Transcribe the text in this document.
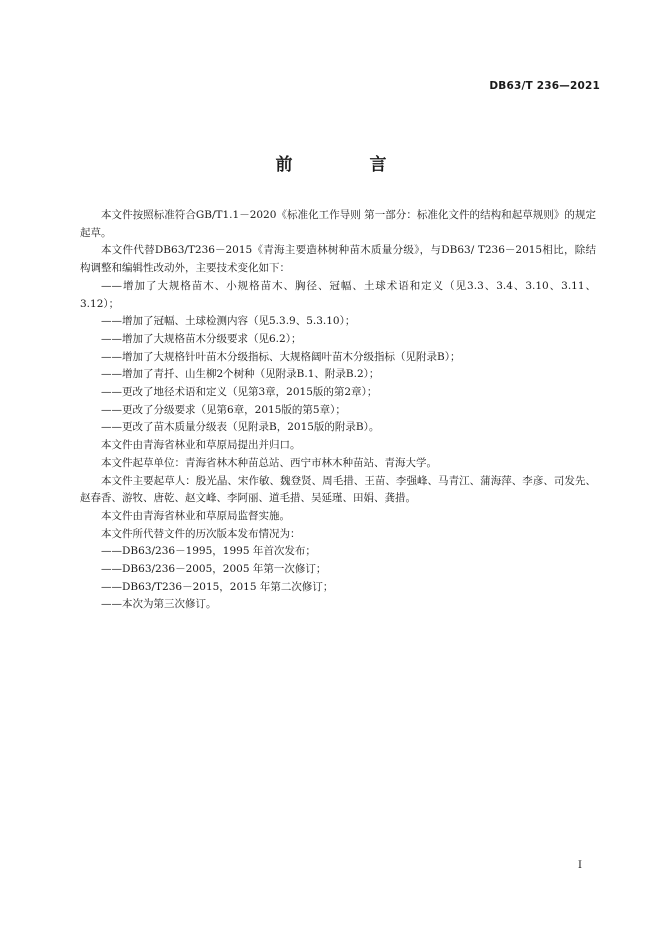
DB63/T 236—2021
前　言

本文件按照标准符合GB/T1.1－2020《标准化工作导则 第一部分：标准化文件的结构和起草规则》的规定起草。

本文件代替DB63/T236－2015《青海主要造林树种苗木质量分级》，与DB63/ T236－2015相比，除结构调整和编辑性改动外，主要技术变化如下：

——增加了大规格苗木、小规格苗木、胸径、冠幅、土球术语和定义（见3.3、3.4、3.10、3.11、3.12）；

——增加了冠幅、土球检测内容（见5.3.9、5.3.10）；

——增加了大规格苗木分级要求（见6.2）；

——增加了大规格针叶苗木分级指标、大规格阔叶苗木分级指标（见附录B）；

——增加了青扦、山生柳2个树种（见附录B.1、附录B.2）；

——更改了地径术语和定义（见第3章，2015版的第2章）；

——更改了分级要求（见第6章，2015版的第5章）；

——更改了苗木质量分级表（见附录B，2015版的附录B）。

本文件由青海省林业和草原局提出并归口。

本文件起草单位：青海省林木种苗总站、西宁市林木种苗站、青海大学。

本文件主要起草人：殷光晶、宋作敏、魏登贤、周毛措、王苗、李强峰、马青江、蒲海萍、李彦、司发先、赵春香、游牧、唐乾、赵文峰、李阿丽、道毛措、吴延瑾、田娟、龚措。

本文件由青海省林业和草原局监督实施。

本文件所代替文件的历次版本发布情况为：

——DB63/236－1995，1995 年首次发布；

——DB63/236－2005，2005 年第一次修订；

——DB63/T236－2015，2015 年第二次修订；

——本次为第三次修订。

I
